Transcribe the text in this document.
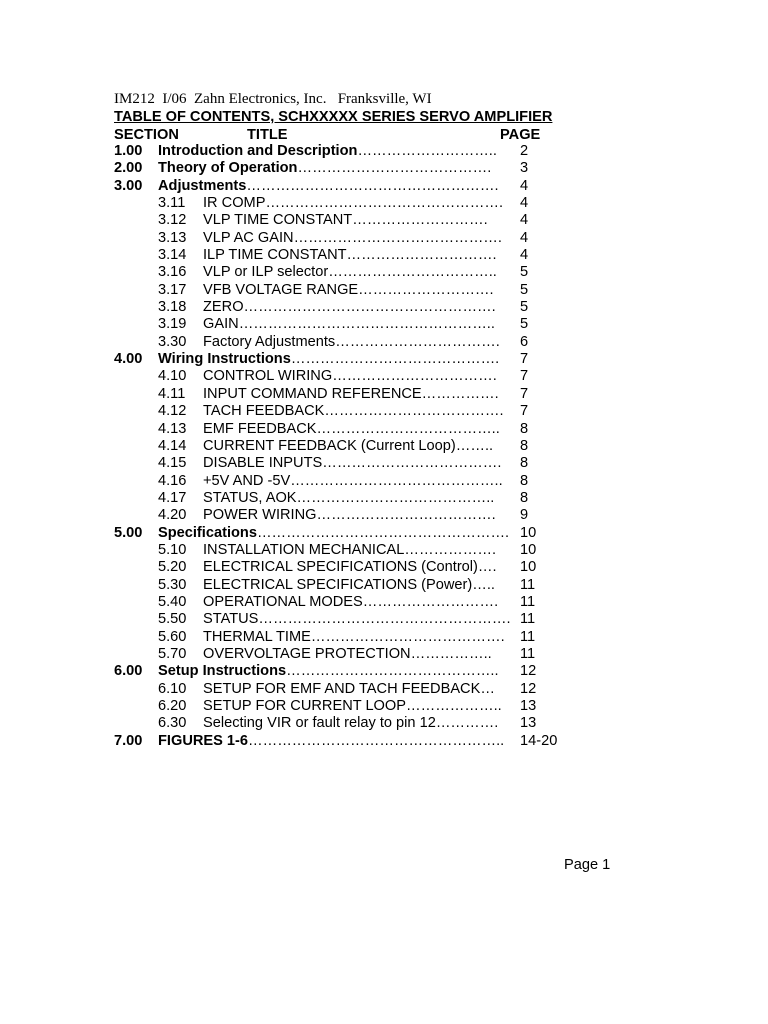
IM212  I/06  Zahn Electronics, Inc.   Franksville, WI
TABLE OF CONTENTS, SCHXXXXX SERIES SERVO AMPLIFIER
SECTION	TITLE	PAGE
1.00 Introduction and Description……………………….. 2
2.00 Theory of Operation…………………………………. 3
3.00 Adjustments……………………………………………. 4
3.11 IR COMP…………………………………………. 4
3.12 VLP TIME CONSTANT………………………. 4
3.13 VLP AC GAIN……………………………………. 4
3.14 ILP TIME CONSTANT…………………………. 4
3.16 VLP or ILP selector…………………………….. 5
3.17 VFB VOLTAGE RANGE………………………. 5
3.18 ZERO……………………………………………. 5
3.19 GAIN…………………………………………….. 5
3.30 Factory Adjustments……………………………. 6
4.00 Wiring Instructions……………………………………. 7
4.10 CONTROL WIRING……………………………. 7
4.11 INPUT COMMAND REFERENCE……………. 7
4.12 TACH FEEDBACK………………………………. 7
4.13 EMF FEEDBACK……………………………….. 8
4.14 CURRENT FEEDBACK (Current Loop)…….. 8
4.15 DISABLE INPUTS………………………………. 8
4.16 +5V AND -5V…………………………………….. 8
4.17 STATUS, AOK………………………………….. 8
4.20 POWER WIRING………………………………. 9
5.00 Specifications……………………………………………. 10
5.10 INSTALLATION MECHANICAL………………. 10
5.20 ELECTRICAL SPECIFICATIONS (Control)…. 10
5.30 ELECTRICAL SPECIFICATIONS (Power)….. 11
5.40 OPERATIONAL MODES………………………. 11
5.50 STATUS……………………………………………. 11
5.60 THERMAL TIME…………………………………. 11
5.70 OVERVOLTAGE PROTECTION…………….. 11
6.00 Setup Instructions…………………………………….. 12
6.10 SETUP FOR EMF AND TACH FEEDBACK… 12
6.20 SETUP FOR CURRENT LOOP……………….. 13
6.30 Selecting VIR or fault relay to pin 12…………. 13
7.00 FIGURES 1-6…………………………………………….. 14-20
Page 1
